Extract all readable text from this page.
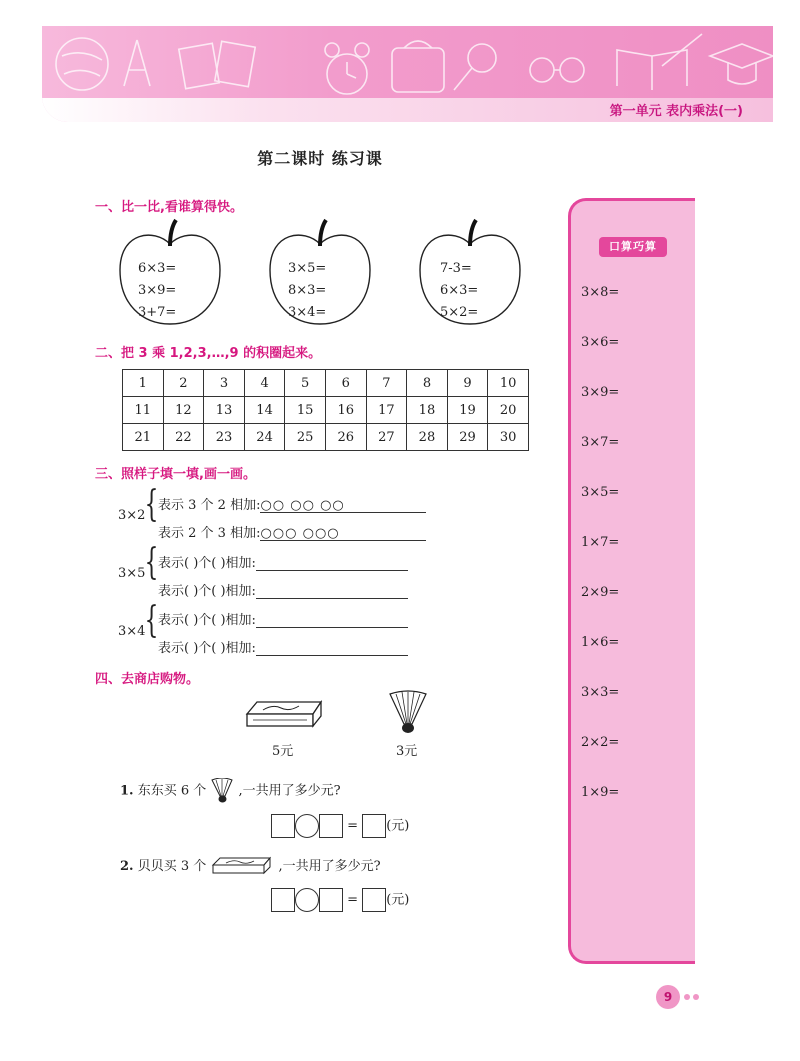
第一单元 表内乘法(一)
第二课时 练习课
一、比一比,看谁算得快。
6×3=
3×9=
3+7=
3×5=
8×3=
3×4=
7-3=
6×3=
5×2=
二、把 3 乘 1,2,3,…,9 的积圈起来。
1	2	3	4	5	6	7	8	9	10
11	12	13	14	15	16	17	18	19	20
21	22	23	24	25	26	27	28	29	30
三、照样子填一填,画一画。
3×2 { 表示 3 个 2 相加:○○ ○○ ○○
表示 2 个 3 相加:○○○ ○○○
3×5 { 表示( )个( )相加:
表示( )个( )相加:
3×4 { 表示( )个( )相加:
表示( )个( )相加:
四、去商店购物。
5元	3元
1. 东东买 6 个 ,一共用了多少元?
= (元)
2. 贝贝买 3 个	,一共用了多少元?
= (元)
口算巧算
3×8=
3×6=
3×9=
3×7=
3×5=
1×7=
2×9=
1×6=
3×3=
2×2=
1×9=
9
